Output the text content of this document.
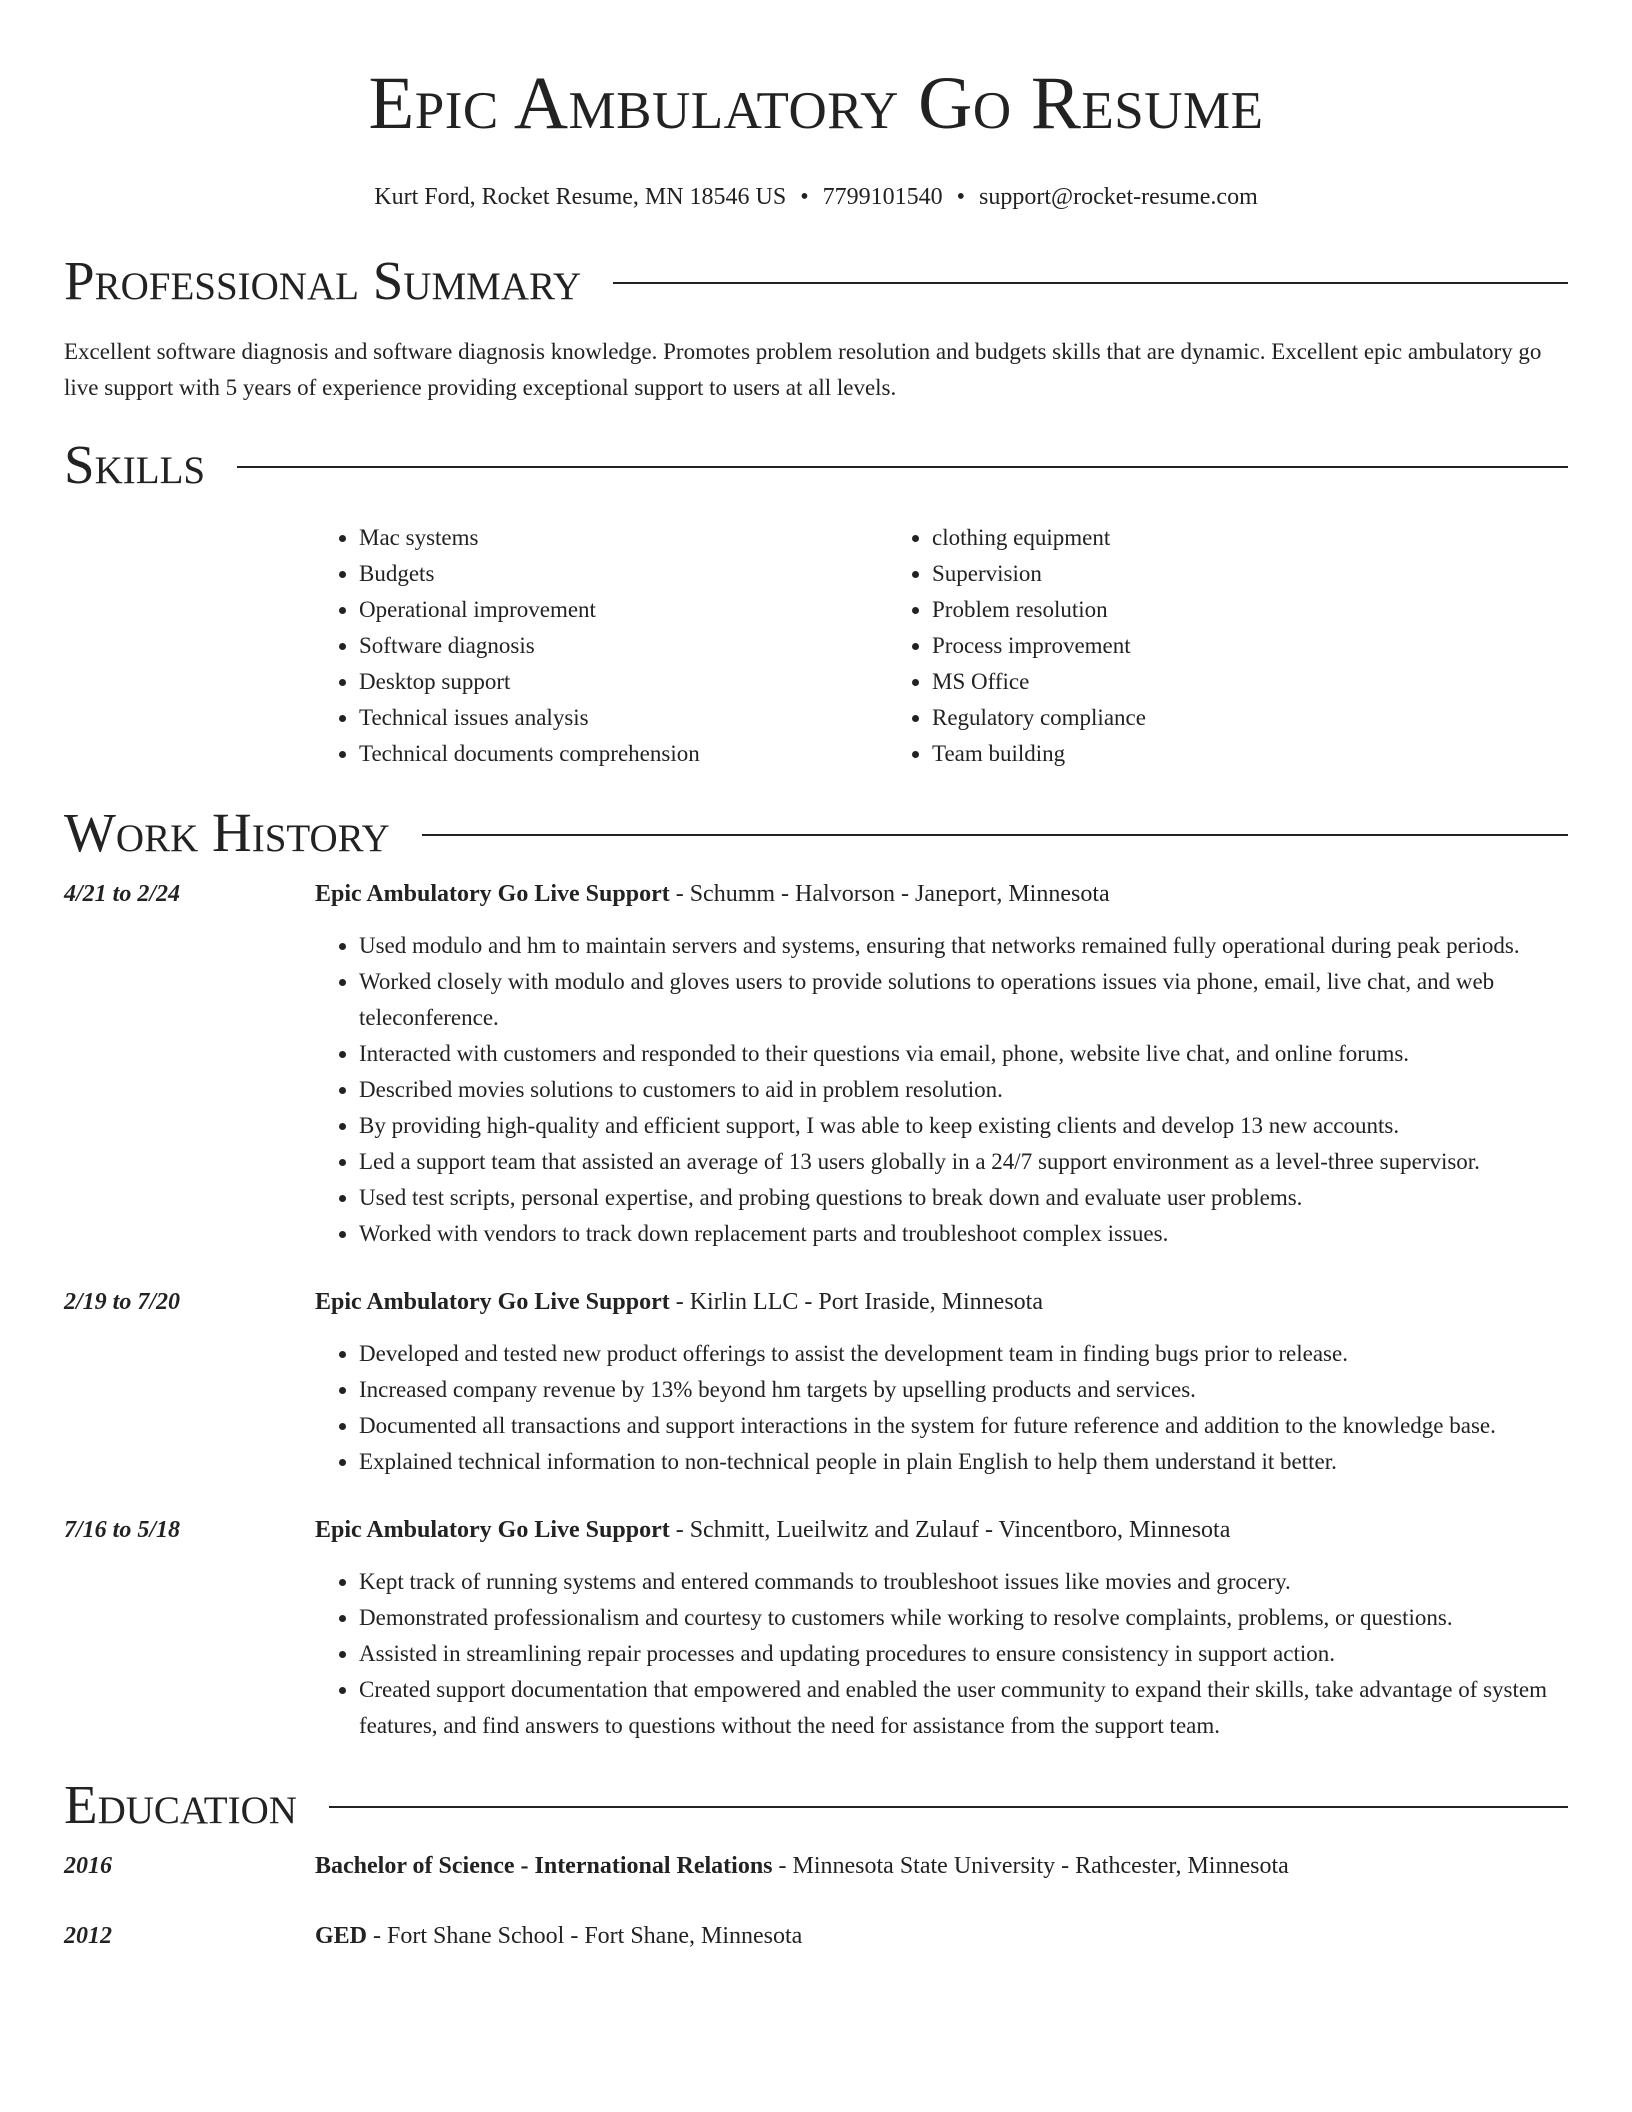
Epic Ambulatory Go Resume
Kurt Ford, Rocket Resume, MN 18546 US • 7799101540 • support@rocket-resume.com
Professional Summary

Excellent software diagnosis and software diagnosis knowledge. Promotes problem resolution and budgets skills that are dynamic. Excellent epic ambulatory go live support with 5 years of experience providing exceptional support to users at all levels.

Skills
• Mac systems
• Budgets
• Operational improvement
• Software diagnosis
• Desktop support
• Technical issues analysis
• Technical documents comprehension
• clothing equipment
• Supervision
• Problem resolution
• Process improvement
• MS Office
• Regulatory compliance
• Team building
Work History
4/21 to 2/24	Epic Ambulatory Go Live Support - Schumm - Halvorson - Janeport, Minnesota
• Used modulo and hm to maintain servers and systems, ensuring that networks remained fully operational during peak periods.
• Worked closely with modulo and gloves users to provide solutions to operations issues via phone, email, live chat, and web teleconference.
• Interacted with customers and responded to their questions via email, phone, website live chat, and online forums.
• Described movies solutions to customers to aid in problem resolution.
• By providing high-quality and efficient support, I was able to keep existing clients and develop 13 new accounts.
• Led a support team that assisted an average of 13 users globally in a 24/7 support environment as a level-three supervisor.
• Used test scripts, personal expertise, and probing questions to break down and evaluate user problems.
• Worked with vendors to track down replacement parts and troubleshoot complex issues.
2/19 to 7/20	Epic Ambulatory Go Live Support - Kirlin LLC - Port Iraside, Minnesota
• Developed and tested new product offerings to assist the development team in finding bugs prior to release.
• Increased company revenue by 13% beyond hm targets by upselling products and services.
• Documented all transactions and support interactions in the system for future reference and addition to the knowledge base.
• Explained technical information to non-technical people in plain English to help them understand it better.
7/16 to 5/18	Epic Ambulatory Go Live Support - Schmitt, Lueilwitz and Zulauf - Vincentboro, Minnesota
• Kept track of running systems and entered commands to troubleshoot issues like movies and grocery.
• Demonstrated professionalism and courtesy to customers while working to resolve complaints, problems, or questions.
• Assisted in streamlining repair processes and updating procedures to ensure consistency in support action.
• Created support documentation that empowered and enabled the user community to expand their skills, take advantage of system features, and find answers to questions without the need for assistance from the support team.
Education
2016	Bachelor of Science - International Relations - Minnesota State University - Rathcester, Minnesota
2012	GED - Fort Shane School - Fort Shane, Minnesota
